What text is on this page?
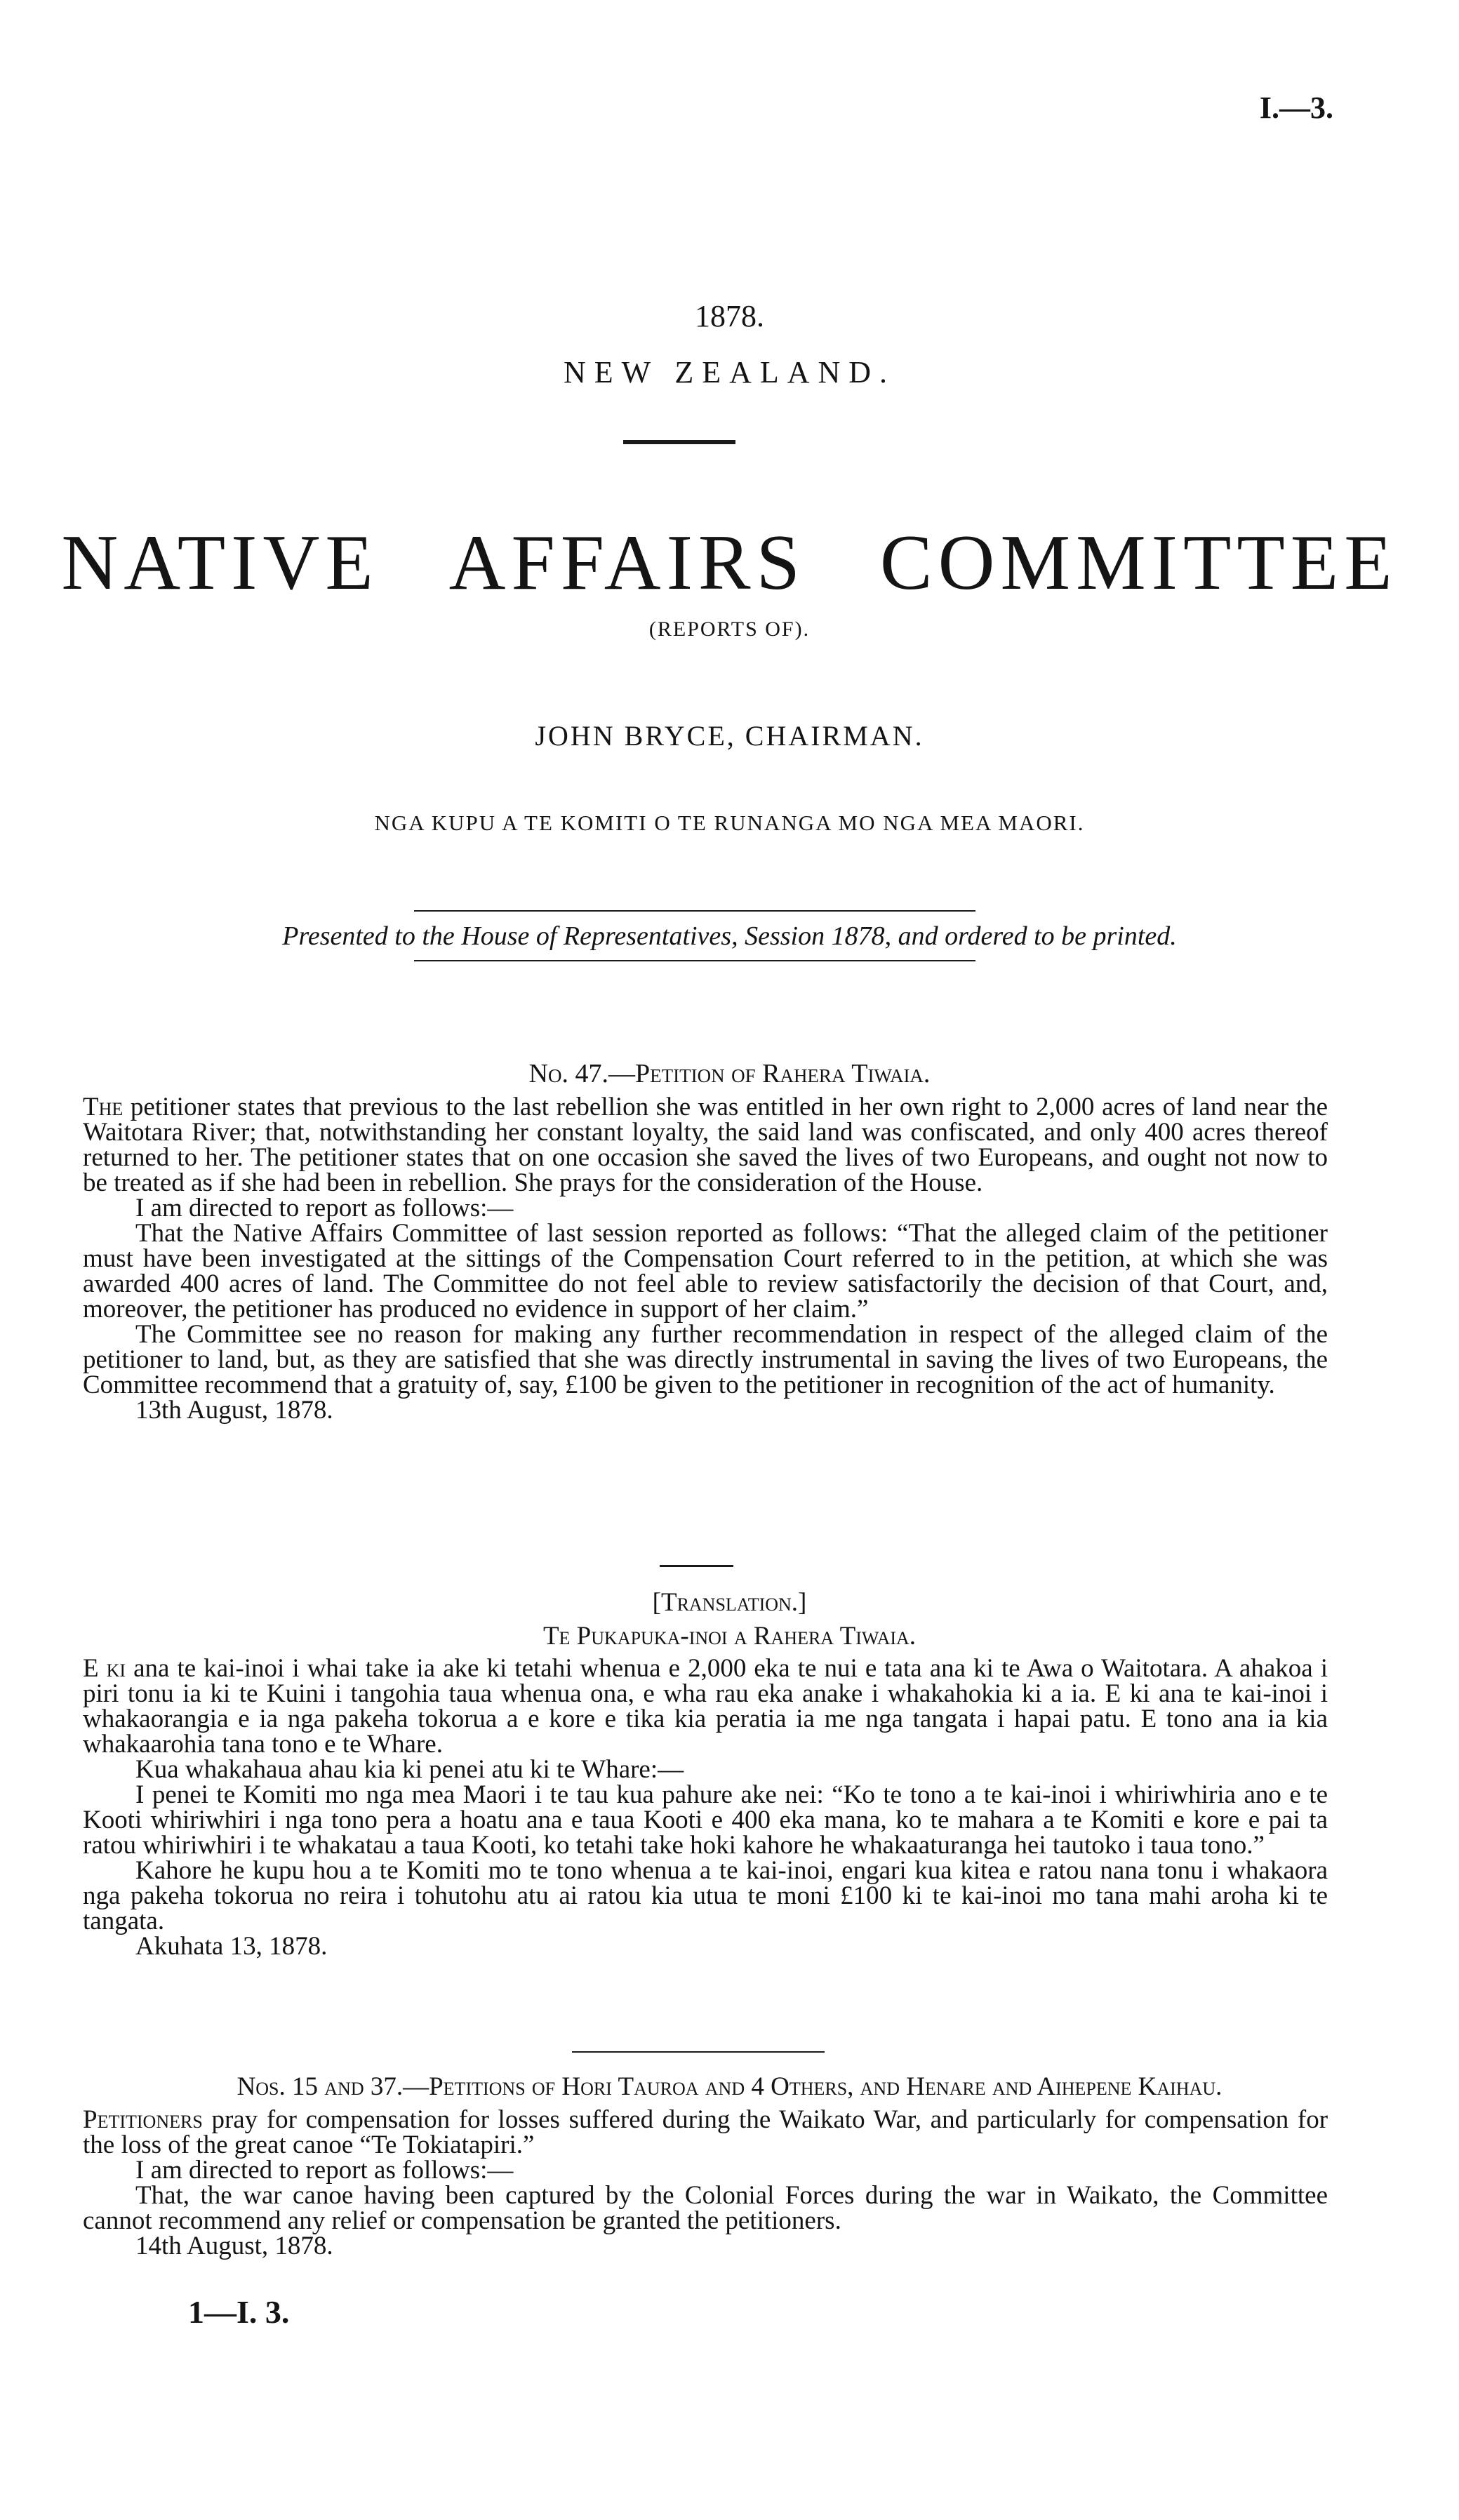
I.—3.
1878.
NEW ZEALAND.
NATIVE AFFAIRS COMMITTEE
(REPORTS OF).
JOHN BRYCE, CHAIRMAN.
NGA KUPU A TE KOMITI O TE RUNANGA MO NGA MEA MAORI.
Presented to the House of Representatives, Session 1878, and ordered to be printed.
No. 47.—Petition of Rahera Tiwaia.

The petitioner states that previous to the last rebellion she was entitled in her own right to 2,000 acres of land near the Waitotara River; that, notwithstanding her constant loyalty, the said land was confiscated, and only 400 acres thereof returned to her. The petitioner states that on one occasion she saved the lives of two Europeans, and ought not now to be treated as if she had been in rebellion. She prays for the consideration of the House.

I am directed to report as follows:—

That the Native Affairs Committee of last session reported as follows: “That the alleged claim of the petitioner must have been investigated at the sittings of the Compensation Court referred to in the petition, at which she was awarded 400 acres of land. The Committee do not feel able to review satisfactorily the decision of that Court, and, moreover, the petitioner has produced no evidence in support of her claim.”

The Committee see no reason for making any further recommendation in respect of the alleged claim of the petitioner to land, but, as they are satisfied that she was directly instrumental in saving the lives of two Europeans, the Committee recommend that a gratuity of, say, £100 be given to the petitioner in recognition of the act of humanity.

13th August, 1878.

[Translation.]
Te Pukapuka-inoi a Rahera Tiwaia.

E ki ana te kai-inoi i whai take ia ake ki tetahi whenua e 2,000 eka te nui e tata ana ki te Awa o Waitotara. A ahakoa i piri tonu ia ki te Kuini i tangohia taua whenua ona, e wha rau eka anake i whakahokia ki a ia. E ki ana te kai-inoi i whakaorangia e ia nga pakeha tokorua a e kore e tika kia peratia ia me nga tangata i hapai patu. E tono ana ia kia whakaarohia tana tono e te Whare.

Kua whakahaua ahau kia ki penei atu ki te Whare:—

I penei te Komiti mo nga mea Maori i te tau kua pahure ake nei: “Ko te tono a te kai-inoi i whiriwhiria ano e te Kooti whiriwhiri i nga tono pera a hoatu ana e taua Kooti e 400 eka mana, ko te mahara a te Komiti e kore e pai ta ratou whiriwhiri i te whakatau a taua Kooti, ko tetahi take hoki kahore he whakaaturanga hei tautoko i taua tono.”

Kahore he kupu hou a te Komiti mo te tono whenua a te kai-inoi, engari kua kitea e ratou nana tonu i whakaora nga pakeha tokorua no reira i tohutohu atu ai ratou kia utua te moni £100 ki te kai-inoi mo tana mahi aroha ki te tangata.

Akuhata 13, 1878.

Nos. 15 and 37.—Petitions of Hori Tauroa and 4 Others, and Henare and Aihepene Kaihau.

Petitioners pray for compensation for losses suffered during the Waikato War, and particularly for compensation for the loss of the great canoe “Te Tokiatapiri.”

I am directed to report as follows:—

That, the war canoe having been captured by the Colonial Forces during the war in Waikato, the Committee cannot recommend any relief or compensation be granted the petitioners.

14th August, 1878.

1—I. 3.
